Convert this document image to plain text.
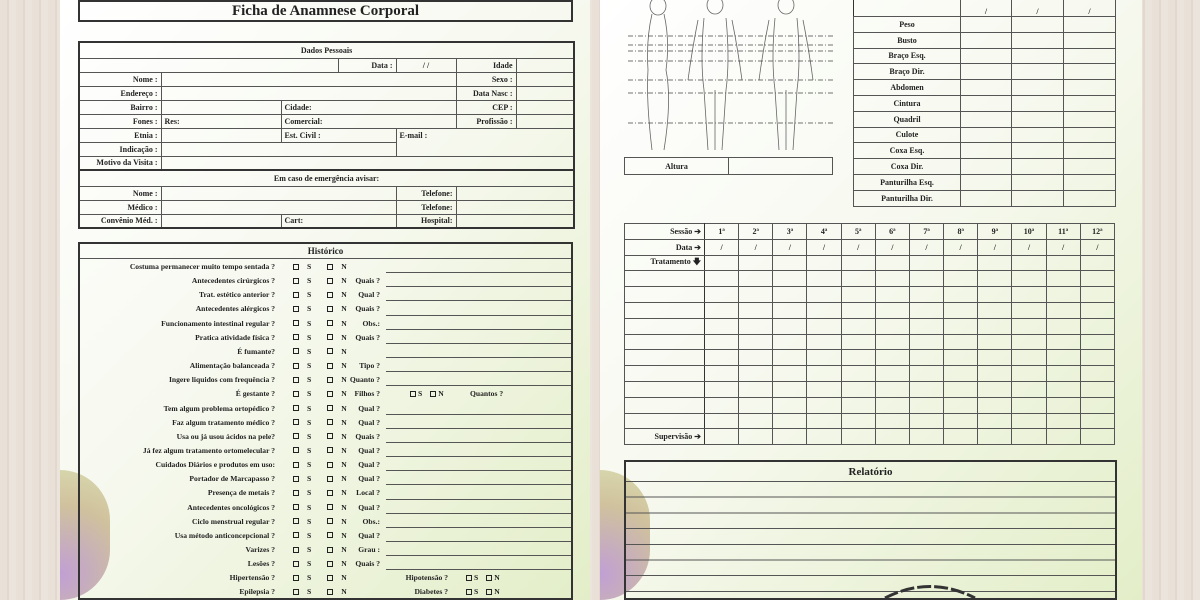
Ficha de Anamnese Corporal
Dados Pessoais						
			Data :	/ /	Idade	
Nome :					Sexo :	
Endereço :					Data Nasc :	
Bairro :		Cidade:			CEP :	
Fones :	Res:	Comercial:			Profissão :	
Etnia :		Est. Civil :		E-mail :		
Indicação :						
Motivo da Visita :						
Em caso de emergência avisar:						
Nome :				Telefone:		
Médico :				Telefone:		
Convênio Méd. :		Cart:		Hospital:		
Histórico
Costuma permanecer muito tempo sentada ?	S	N
Antecedentes cirúrgicos ?	S	N	Quais ?
Trat. estético anterior ?	S	N	Qual ?
Antecedentes alérgicos ?	S	N	Quais ?
Funcionamento intestinal regular ?	S	N	Obs.:
Pratica atividade física ?	S	N	Quais ?
É fumante?	S	N
Alimentação balanceada ?	S	N	Tipo ?
Ingere liquidos com frequência ?	S	N Quanto ?
É gestante ?	S	N	Filhos ?	S N	Quantos ?
Tem algum problema ortopédico ?	S	N	Qual ?
Faz algum tratamento médico ?	S	N	Qual ?
Usa ou já usou ácidos na pele?	S	N	Quais ?
Já fez algum tratamento ortomelecular ?	S	N	Qual ?
Cuidados Diários e produtos em uso:	S	N	Qual ?
Portador de Marcapasso ?	S	N	Qual ?
Presença de metais ?	S	N	Local ?
Antecedentes oncológicos ?	S	N	Qual ?
Ciclo menstrual regular ?	S	N	Obs.:
Usa método anticoncepcional ?	S	N	Qual ?
Varizes ?	S	N	Grau :
Lesões ?	S	N	Quais ?
Hipertensão ?	S	N	Hipotensão ?	S N
Epilepsia ?	S	N	Diabetes ?	S N
Altura	
	/	/	/
Peso			
Busto			
Braço Esq.			
Braço Dir.			
Abdomen			
Cintura			
Quadril			
Culote			
Coxa Esq.			
Coxa Dir.			
Panturilha Esq.			
Panturilha Dir.			
Sessão ➔	1ª	2ª	3ª	4ª	5ª	6ª	7ª	8ª	9ª	10ª	11ª	12ª
Data ➔	/	/	/	/	/	/	/	/	/	/	/	/
Tratamento 🡇												

Supervisão ➔												
Relatório
